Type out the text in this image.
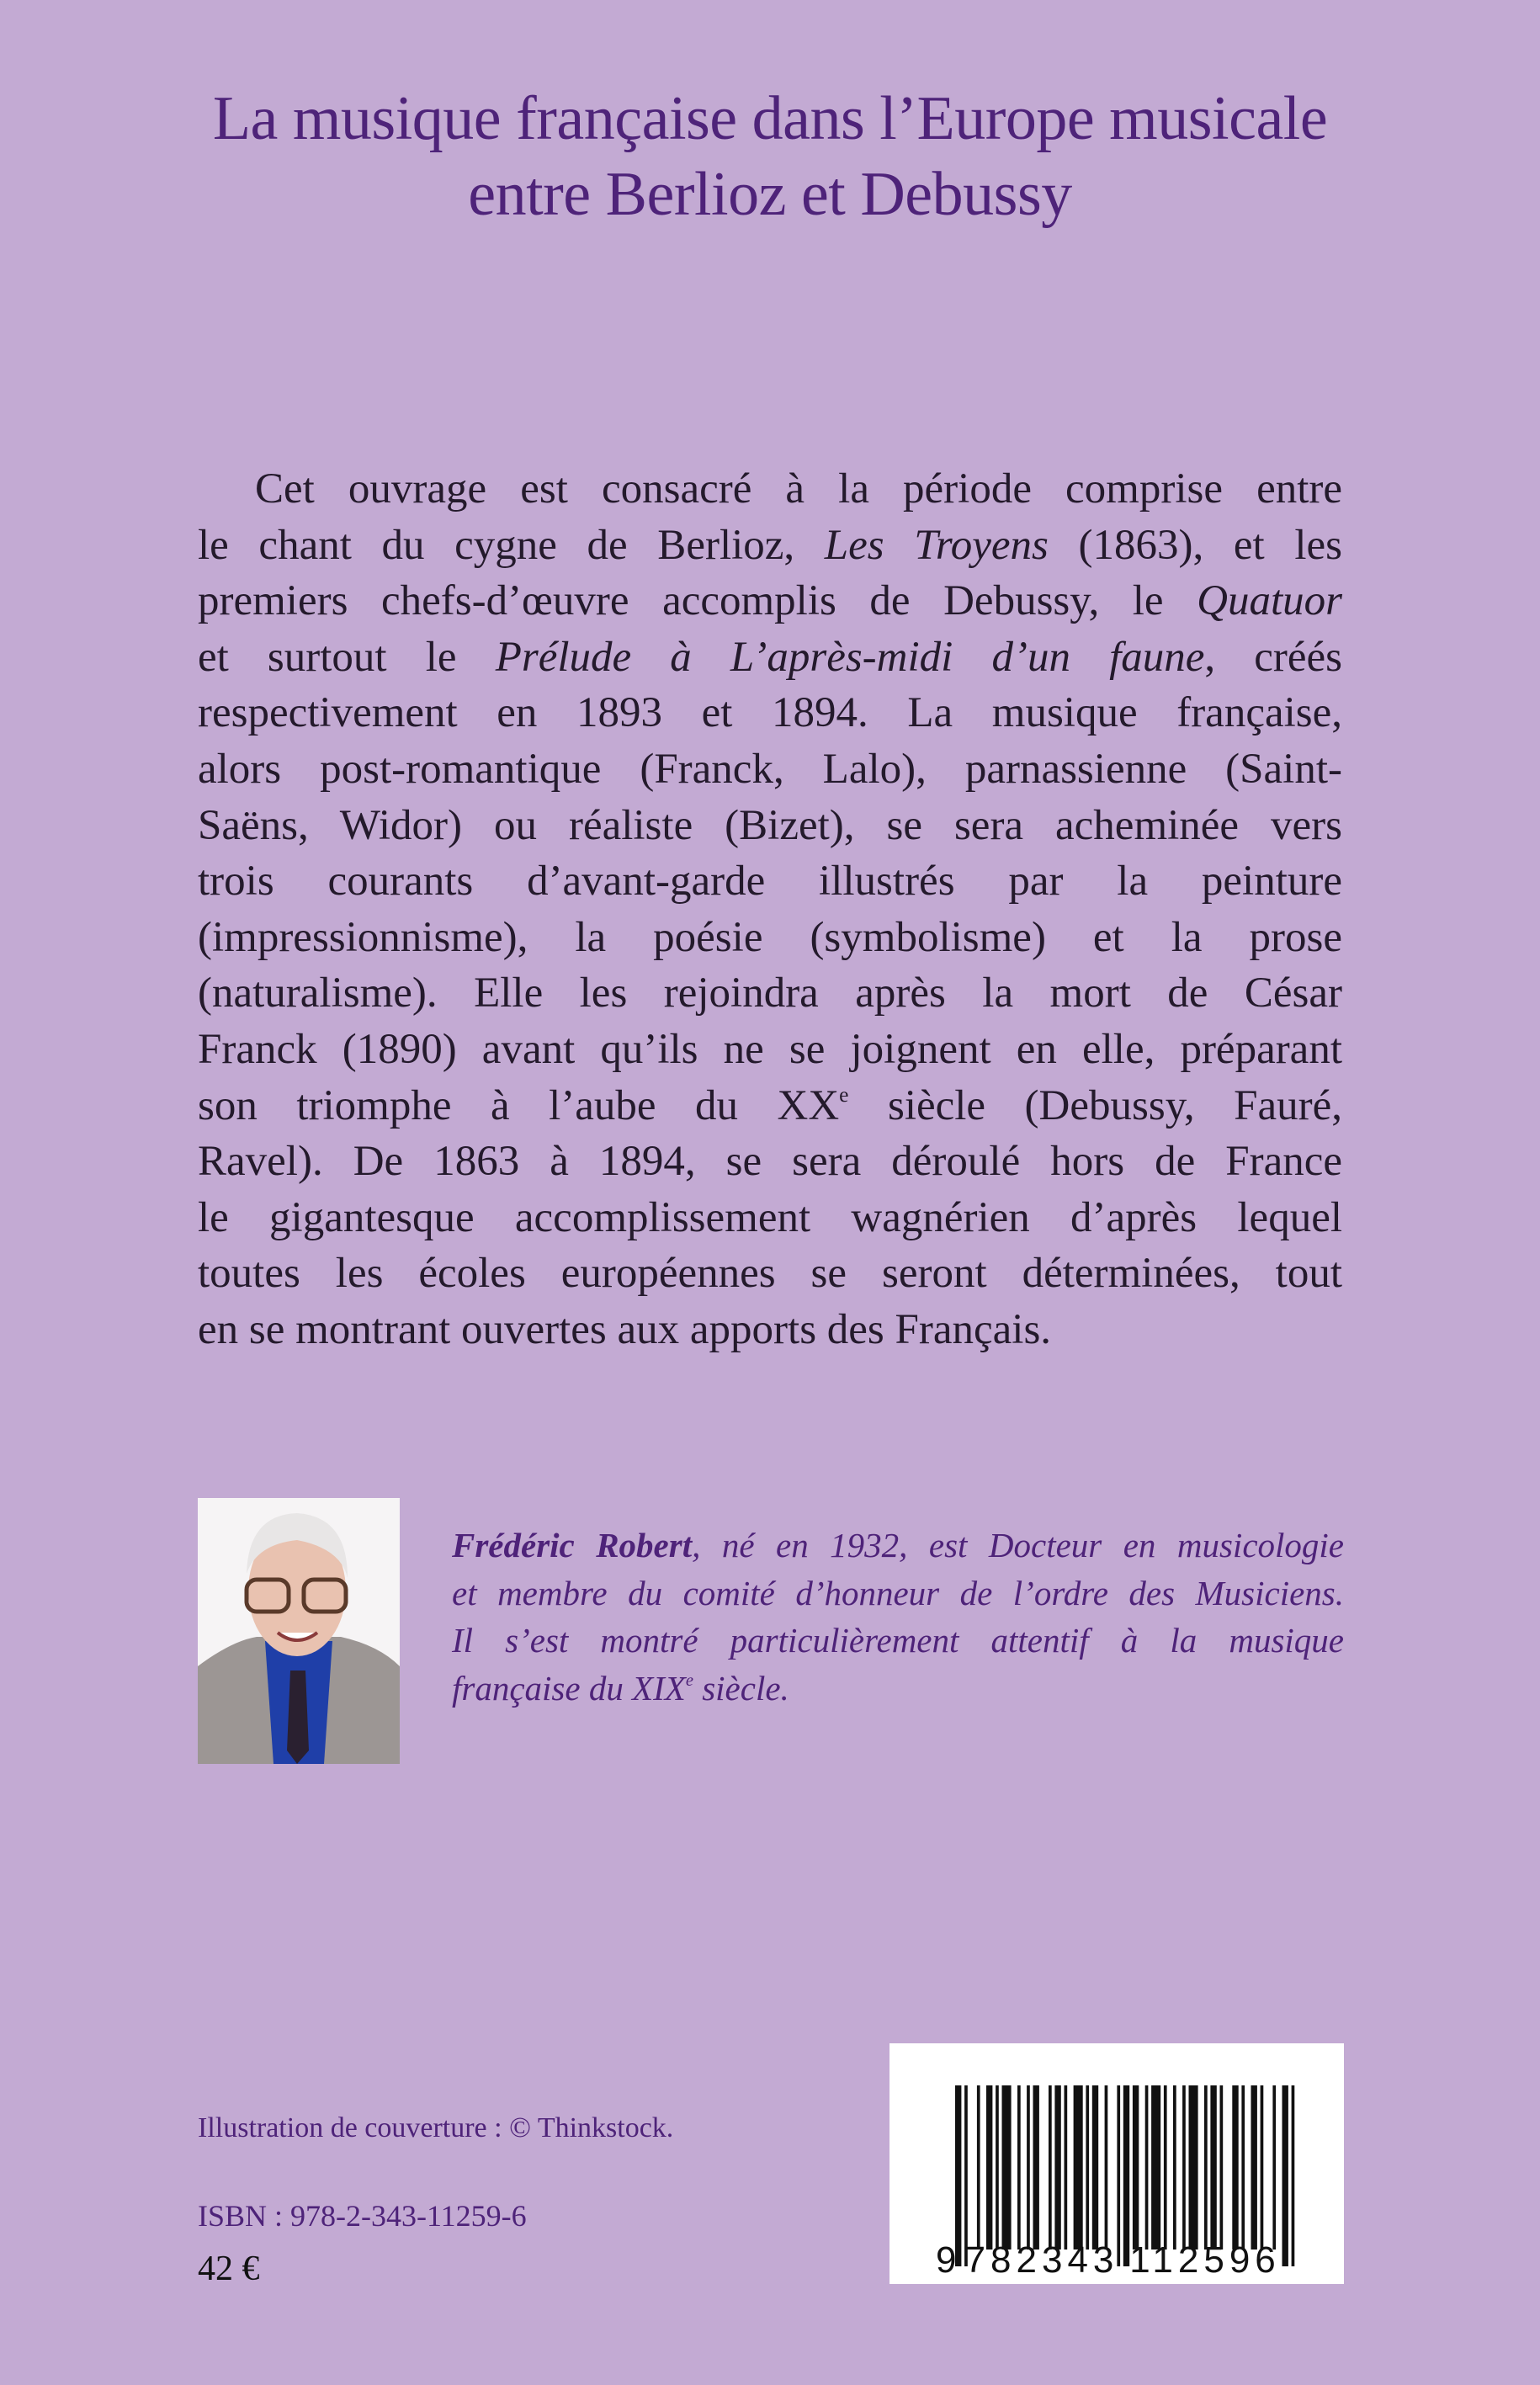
La musique française dans l’Europe musicale
entre Berlioz et Debussy
Cet ouvrage est consacré à la période comprise entre
le chant du cygne de Berlioz, Les Troyens (1863), et les
premiers chefs-d’œuvre accomplis de Debussy, le Quatuor
et surtout le Prélude à L’après-midi d’un faune, créés
respectivement en 1893 et 1894. La musique française,
alors post-romantique (Franck, Lalo), parnassienne (Saint-
Saëns, Widor) ou réaliste (Bizet), se sera acheminée vers
trois courants d’avant-garde illustrés par la peinture
(impressionnisme), la poésie (symbolisme) et la prose
(naturalisme). Elle les rejoindra après la mort de César
Franck (1890) avant qu’ils ne se joignent en elle, préparant
son triomphe à l’aube du XXe siècle (Debussy, Fauré,
Ravel). De 1863 à 1894, se sera déroulé hors de France
le gigantesque accomplissement wagnérien d’après lequel
toutes les écoles européennes se seront déterminées, tout
en se montrant ouvertes aux apports des Français.
Frédéric Robert, né en 1932, est Docteur en musicologie
et membre du comité d’honneur de l’ordre des Musiciens.
Il s’est montré particulièrement attentif à la musique
française du XIXe siècle.
Illustration de couverture : © Thinkstock.
ISBN : 978-2-343-11259-6
42 €	9 782343 112596
